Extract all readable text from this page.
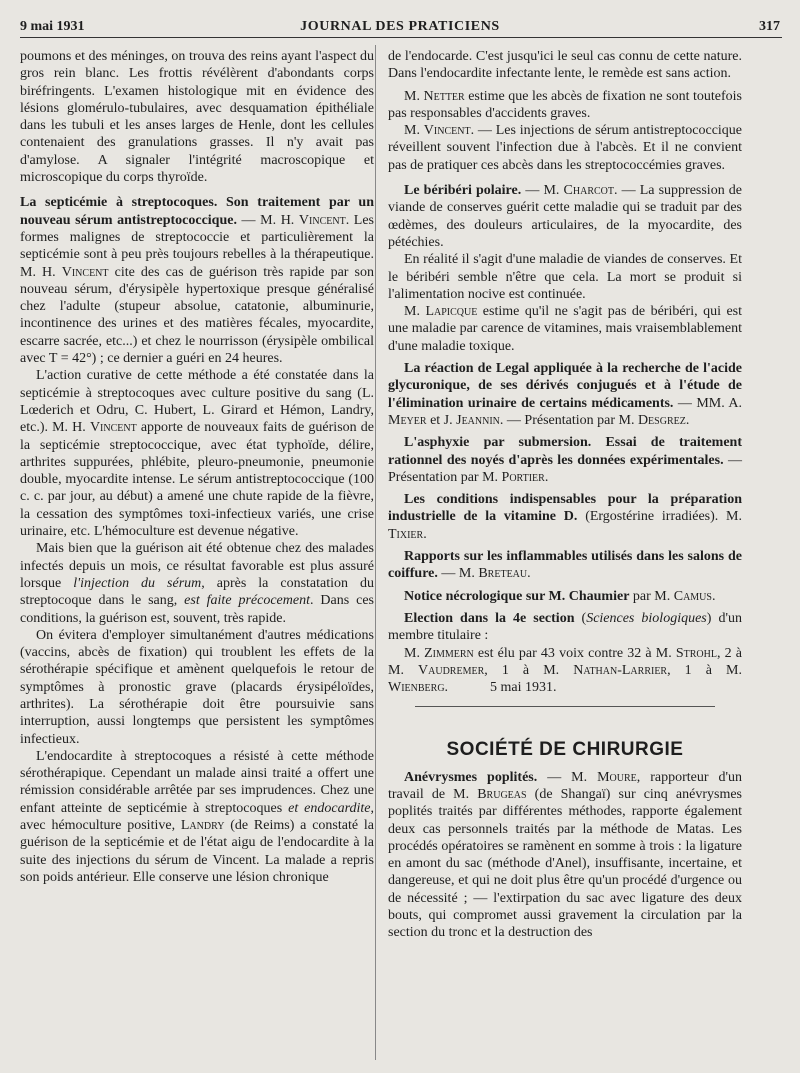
9 mai 1931	JOURNAL DES PRATICIENS	317

poumons et des méninges, on trouva des reins ayant l'aspect du gros rein blanc. Les frottis révélèrent d'abondants corps biréfringents. L'examen histologique mit en évidence des lésions glomérulo-tubulaires, avec desquamation épithéliale dans les tubuli et les anses larges de Henle, dont les cellules contenaient des granulations grasses. Il n'y avait pas d'amylose. A signaler l'intégrité macroscopique et microscopique du corps thyroïde.

La septicémie à streptocoques. Son traitement par un nouveau sérum antistreptococcique. — M. H. Vincent. Les formes malignes de streptococcie et particulièrement la septicémie sont à peu près toujours rebelles à la thérapeutique. M. H. Vincent cite des cas de guérison très rapide par son nouveau sérum, d'érysipèle hypertoxique presque généralisé chez l'adulte (stupeur absolue, catatonie, albuminurie, incontinence des urines et des matières fécales, myocardite, escarre sacrée, etc...) et chez le nourrisson (érysipèle ombilical avec T = 42°) ; ce dernier a guéri en 24 heures.

L'action curative de cette méthode a été constatée dans la septicémie à streptocoques avec culture positive du sang (L. Lœderich et Odru, C. Hubert, L. Girard et Hémon, Landry, etc.). M. H. Vincent apporte de nouveaux faits de guérison de la septicémie streptococcique, avec état typhoïde, délire, arthrites suppurées, phlébite, pleuro-pneumonie, pneumonie double, myocardite intense. Le sérum antistreptococcique (100 c. c. par jour, au début) a amené une chute rapide de la fièvre, la cessation des symptômes toxi-infectieux variés, une crise urinaire, etc. L'hémoculture est devenue négative.

Mais bien que la guérison ait été obtenue chez des malades infectés depuis un mois, ce résultat favorable est plus assuré lorsque l'injection du sérum, après la constatation du streptocoque dans le sang, est faite précocement. Dans ces conditions, la guérison est, souvent, très rapide.

On évitera d'employer simultanément d'autres médications (vaccins, abcès de fixation) qui troublent les effets de la sérothérapie spécifique et amènent quelquefois le retour de symptômes à pronostic grave (placards érysipéloïdes, arthrites). La sérothérapie doit être poursuivie sans interruption, aussi longtemps que persistent les symptômes infectieux.

L'endocardite à streptocoques a résisté à cette méthode sérothérapique. Cependant un malade ainsi traité a offert une rémission considérable arrêtée par ses imprudences. Chez une enfant atteinte de septicémie à streptocoques et endocardite, avec hémoculture positive, Landry (de Reims) a constaté la guérison de la septicémie et de l'état aigu de l'endocardite à la suite des injections du sérum de Vincent. La malade a repris son poids antérieur. Elle conserve une lésion chronique

de l'endocarde. C'est jusqu'ici le seul cas connu de cette nature. Dans l'endocardite infectante lente, le remède est sans action.

M. Netter estime que les abcès de fixation ne sont toutefois pas responsables d'accidents graves.

M. Vincent. — Les injections de sérum antistreptococcique réveillent souvent l'infection due à l'abcès. Et il ne convient pas de pratiquer ces abcès dans les streptococcémies graves.

Le béribéri polaire. — M. Charcot. — La suppression de viande de conserves guérit cette maladie qui se traduit par des œdèmes, des douleurs articulaires, de la myocardite, des pétéchies.

En réalité il s'agit d'une maladie de viandes de conserves. Et le béribéri semble n'être que cela. La mort se produit si l'alimentation nocive est continuée.

M. Lapicque estime qu'il ne s'agit pas de béribéri, qui est une maladie par carence de vitamines, mais vraisemblablement d'une maladie toxique.

La réaction de Legal appliquée à la recherche de l'acide glycuronique, de ses dérivés conjugués et à l'étude de l'élimination urinaire de certains médicaments. — MM. A. Meyer et J. Jeannin. — Présentation par M. Desgrez.

L'asphyxie par submersion. Essai de traitement rationnel des noyés d'après les données expérimentales. — Présentation par M. Portier.

Les conditions indispensables pour la préparation industrielle de la vitamine D. (Ergostérine irradiées). M. Tixier.

Rapports sur les inflammables utilisés dans les salons de coiffure. — M. Breteau.

Notice nécrologique sur M. Chaumier par M. Camus.

Election dans la 4e section (Sciences biologiques) d'un membre titulaire :

M. Zimmern est élu par 43 voix contre 32 à M. Strohl, 2 à M. Vaudremer, 1 à M. Nathan-Larrier, 1 à M. Wienberg.	5 mai 1931.

SOCIÉTÉ DE CHIRURGIE

Anévrysmes poplités. — M. Moure, rapporteur d'un travail de M. Brugeas (de Shangaï) sur cinq anévrysmes poplités traités par différentes méthodes, rapporte également deux cas personnels traités par la méthode de Matas. Les procédés opératoires se ramènent en somme à trois : la ligature en amont du sac (méthode d'Anel), insuffisante, incertaine, et dangereuse, et qui ne doit plus être qu'un procédé d'urgence ou de nécessité ; — l'extirpation du sac avec ligature des deux bouts, qui compromet aussi gravement la circulation par la section du tronc et la destruction des
